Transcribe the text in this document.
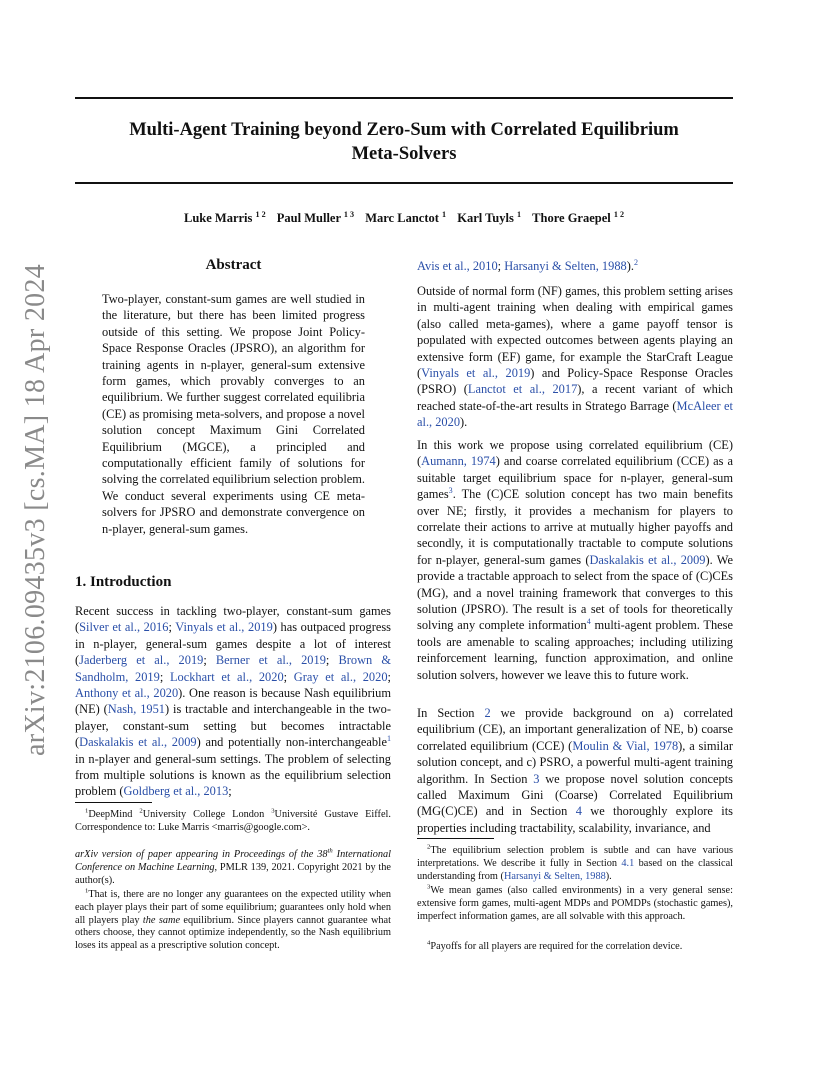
arXiv:2106.09435v3 [cs.MA] 18 Apr 2024
Multi-Agent Training beyond Zero-Sum with Correlated Equilibrium
Meta-Solvers
Luke Marris $^{1 2}$ Paul Muller $^{1 3}$ Marc Lanctot $^1$ Karl Tuyls $^1$ Thore Graepel $^{1 2}$
Abstract

Two-player, constant-sum games are well studied in the literature, but there has been limited progress outside of this setting. We propose Joint Policy-Space Response Oracles (JPSRO), an algorithm for training agents in n-player, general-sum extensive form games, which provably converges to an equilibrium. We further suggest correlated equilibria (CE) as promising meta-solvers, and propose a novel solution concept Maximum Gini Correlated Equilibrium (MGCE), a principled and computationally efficient family of solutions for solving the correlated equilibrium selection problem. We conduct several experiments using CE meta-solvers for JPSRO and demonstrate convergence on n-player, general-sum games.

1. Introduction

Recent success in tackling two-player, constant-sum games (Silver et al., 2016; Vinyals et al., 2019) has outpaced progress in n-player, general-sum games despite a lot of interest (Jaderberg et al., 2019; Berner et al., 2019; Brown & Sandholm, 2019; Lockhart et al., 2020; Gray et al., 2020; Anthony et al., 2020). One reason is because Nash equilibrium (NE) (Nash, 1951) is tractable and interchangeable in the two-player, constant-sum setting but becomes intractable (Daskalakis et al., 2009) and potentially non-interchangeable$^1$ in n-player and general-sum settings. The problem of selecting from multiple solutions is known as the equilibrium selection problem (Goldberg et al., 2013;

$^1$DeepMind $^2$University College London $^3$Université Gustave Eiffel. Correspondence to: Luke Marris <marris@google.com>.

arXiv version of paper appearing in Proceedings of the 38th International Conference on Machine Learning, PMLR 139, 2021. Copyright 2021 by the author(s).

$^1$That is, there are no longer any guarantees on the expected utility when each player plays their part of some equilibrium; guarantees only hold when all players play the same equilibrium. Since players cannot guarantee what others choose, they cannot optimize independently, so the Nash equilibrium loses its appeal as a prescriptive solution concept.

Avis et al., 2010; Harsanyi & Selten, 1988).$^2$

Outside of normal form (NF) games, this problem setting arises in multi-agent training when dealing with empirical games (also called meta-games), where a game payoff tensor is populated with expected outcomes between agents playing an extensive form (EF) game, for example the StarCraft League (Vinyals et al., 2019) and Policy-Space Response Oracles (PSRO) (Lanctot et al., 2017), a recent variant of which reached state-of-the-art results in Stratego Barrage (McAleer et al., 2020).

In this work we propose using correlated equilibrium (CE) (Aumann, 1974) and coarse correlated equilibrium (CCE) as a suitable target equilibrium space for n-player, general-sum games$^3$. The (C)CE solution concept has two main benefits over NE; firstly, it provides a mechanism for players to correlate their actions to arrive at mutually higher payoffs and secondly, it is computationally tractable to compute solutions for n-player, general-sum games (Daskalakis et al., 2009). We provide a tractable approach to select from the space of (C)CEs (MG), and a novel training framework that converges to this solution (JPSRO). The result is a set of tools for theoretically solving any complete information$^4$ multi-agent problem. These tools are amenable to scaling approaches; including utilizing reinforcement learning, function approximation, and online solution solvers, however we leave this to future work.

In Section 2 we provide background on a) correlated equilibrium (CE), an important generalization of NE, b) coarse correlated equilibrium (CCE) (Moulin & Vial, 1978), a similar solution concept, and c) PSRO, a powerful multi-agent training algorithm. In Section 3 we propose novel solution concepts called Maximum Gini (Coarse) Correlated Equilibrium (MG(C)CE) and in Section 4 we thoroughly explore its properties including tractability, scalability, invariance, and

$^2$The equilibrium selection problem is subtle and can have various interpretations. We describe it fully in Section 4.1 based on the classical understanding from (Harsanyi & Selten, 1988).

$^3$We mean games (also called environments) in a very general sense: extensive form games, multi-agent MDPs and POMDPs (stochastic games), imperfect information games, are all solvable with this approach.

$^4$Payoffs for all players are required for the correlation device.
